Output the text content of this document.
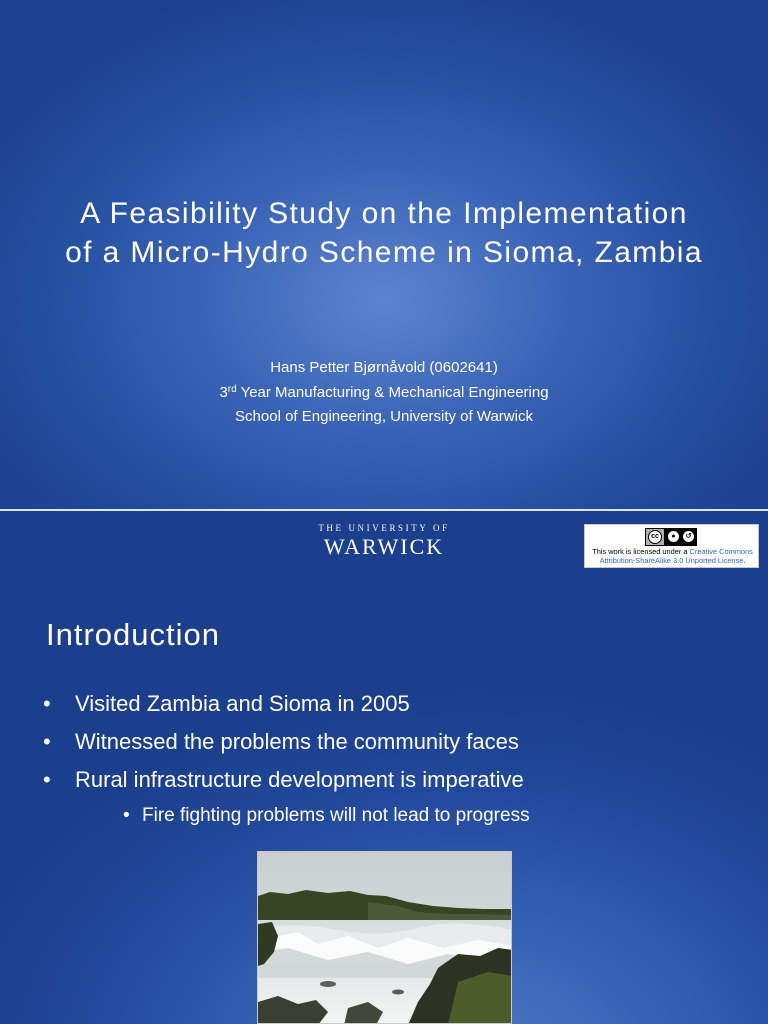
A Feasibility Study on the Implementation
of a Micro-Hydro Scheme in Sioma, Zambia
Hans Petter Bjørnåvold (0602641)
3rd Year Manufacturing & Mechanical Engineering
School of Engineering, University of Warwick
THE UNIVERSITY OF
WARWICK	cc	●	↺
This work is licensed under a Creative Commons
Attribution-ShareAlike 3.0 Unported License.
Introduction
• Visited Zambia and Sioma in 2005
• Witnessed the problems the community faces
• Rural infrastructure development is imperative
• Fire fighting problems will not lead to progress
